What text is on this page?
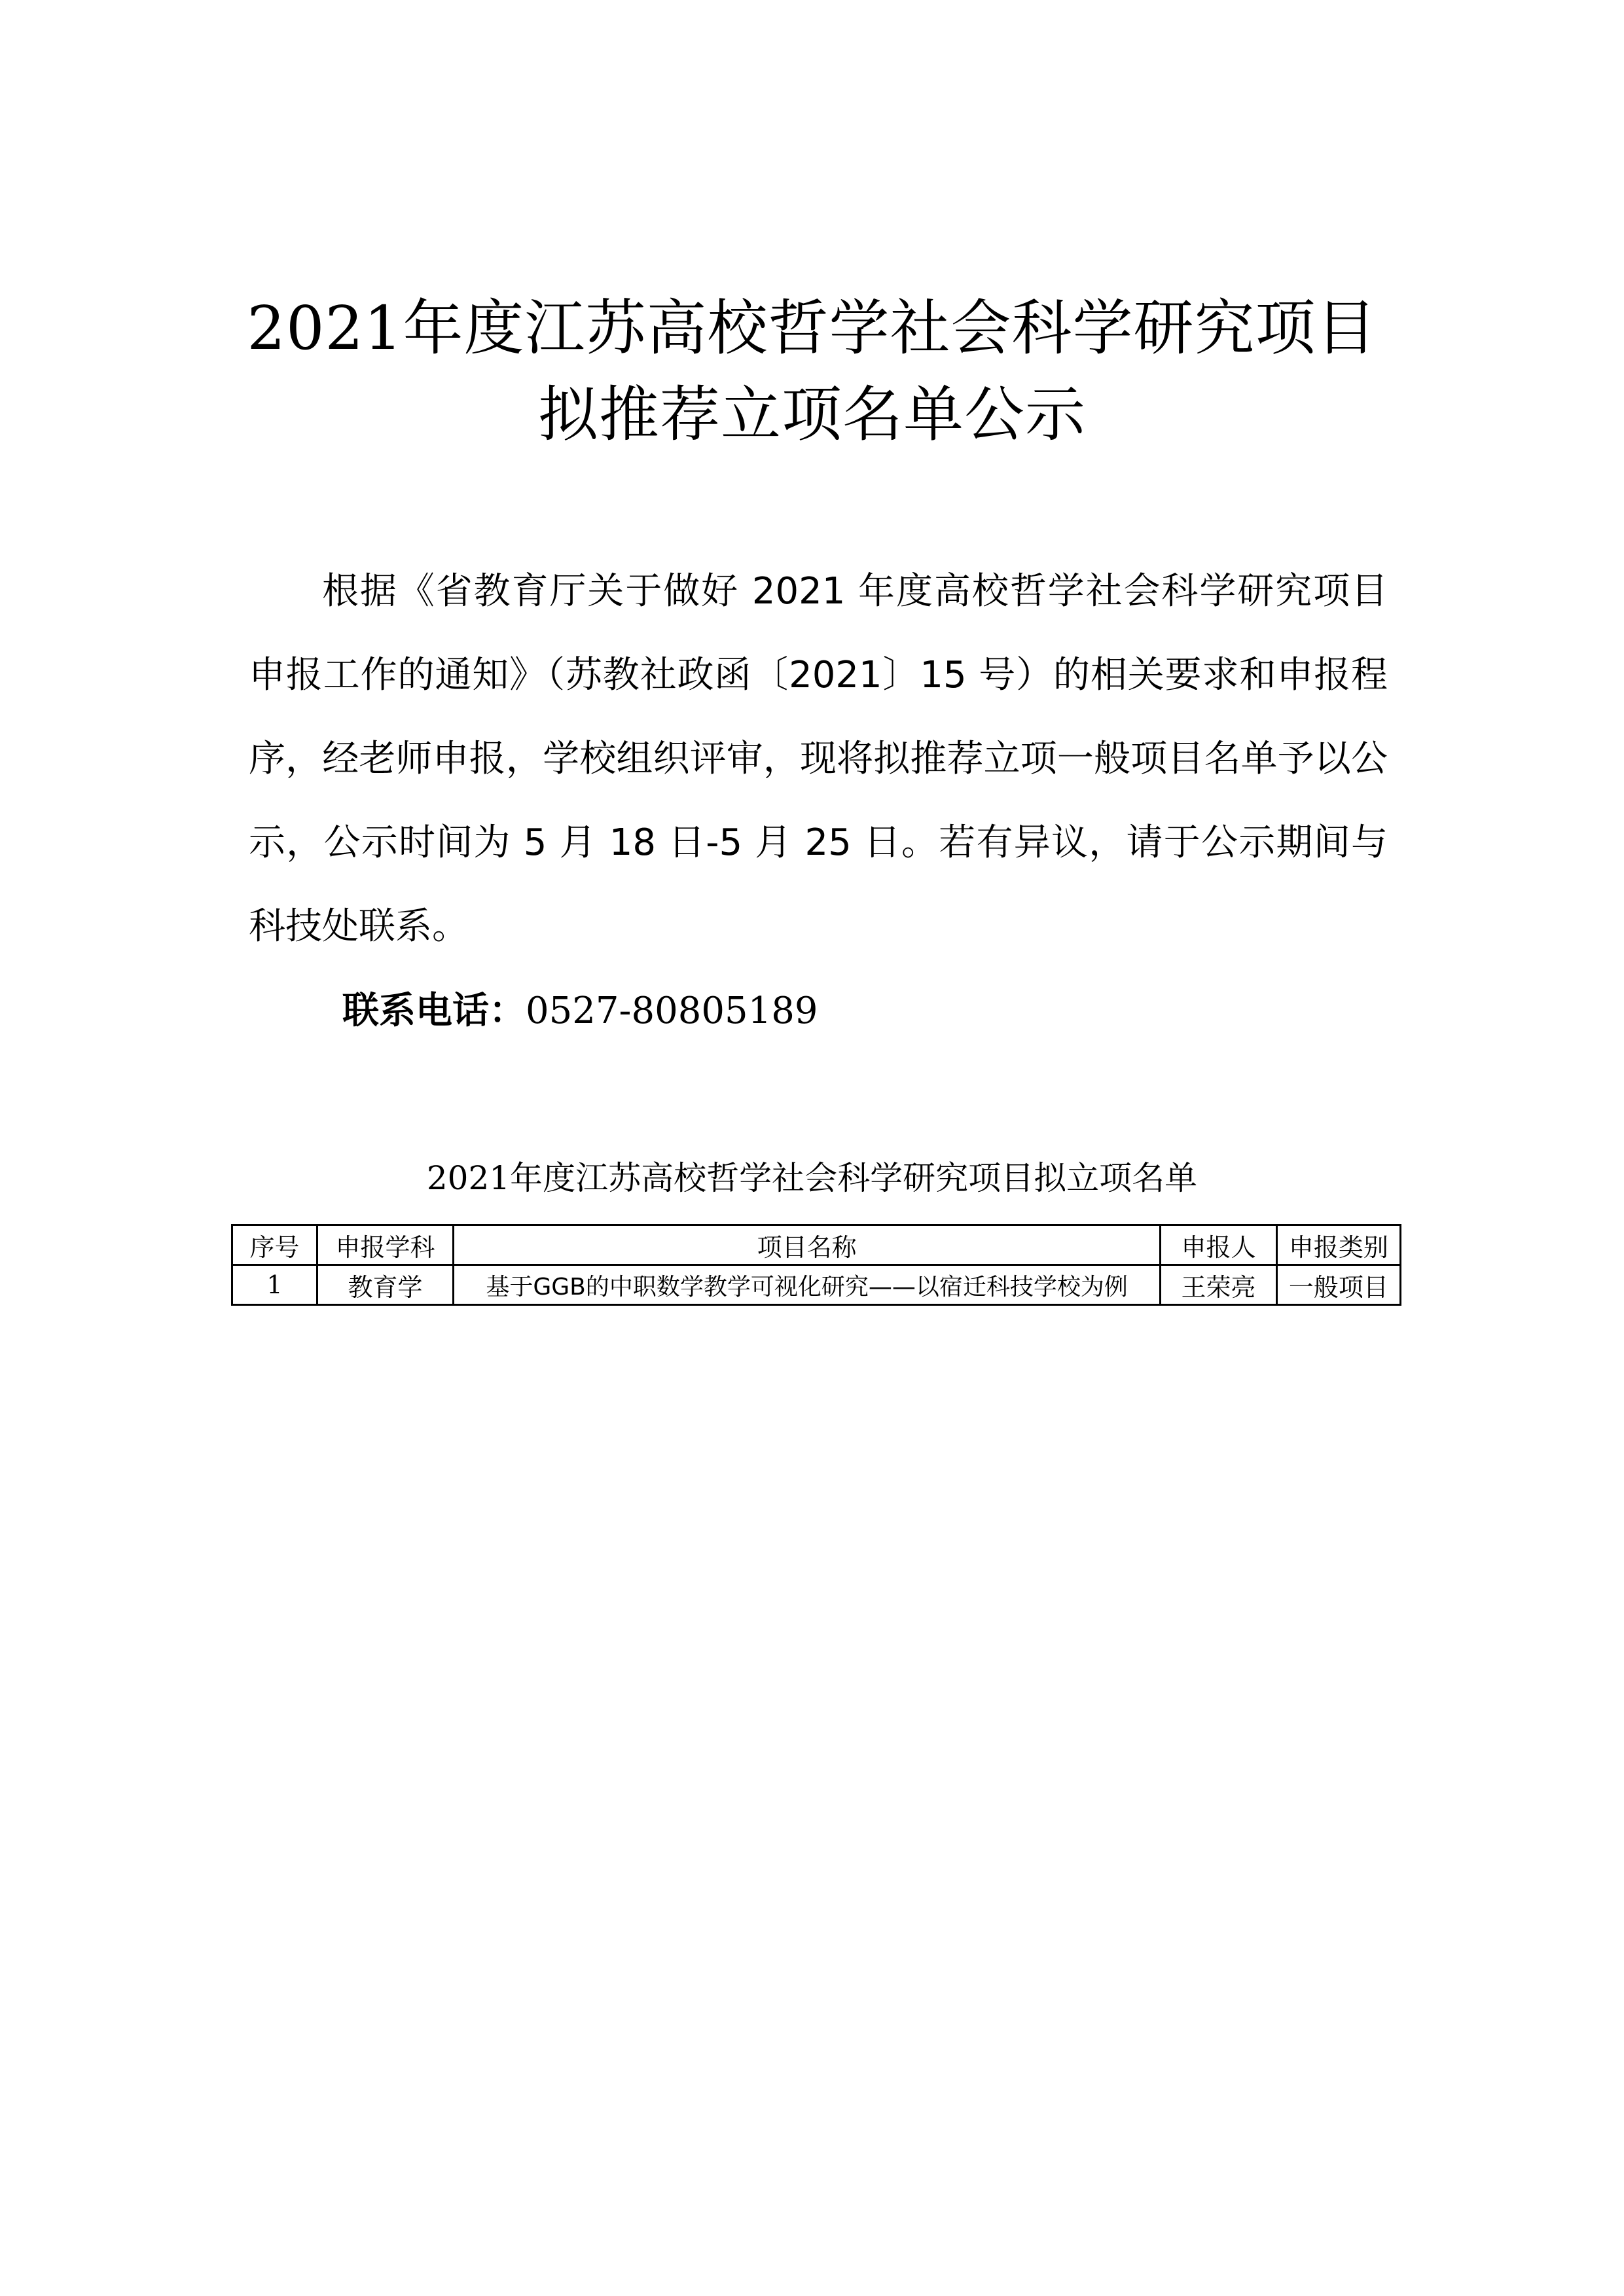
2021年度江苏高校哲学社会科学研究项目
拟推荐立项名单公示
根据《省教育厅关于做好 2021 年度高校哲学社会科学研究项目申报工作的通知》（苏教社政函〔2021〕15 号）的相关要求和申报程序，经老师申报，学校组织评审，现将拟推荐立项一般项目名单予以公示，公示时间为 5 月 18 日-5 月 25 日。若有异议，请于公示期间与科技处联系。
联系电话：0527-80805189
2021年度江苏高校哲学社会科学研究项目拟立项名单
序号	申报学科	项目名称	申报人	申报类别
1	教育学	基于GGB的中职数学教学可视化研究——以宿迁科技学校为例	王荣亮	一般项目
